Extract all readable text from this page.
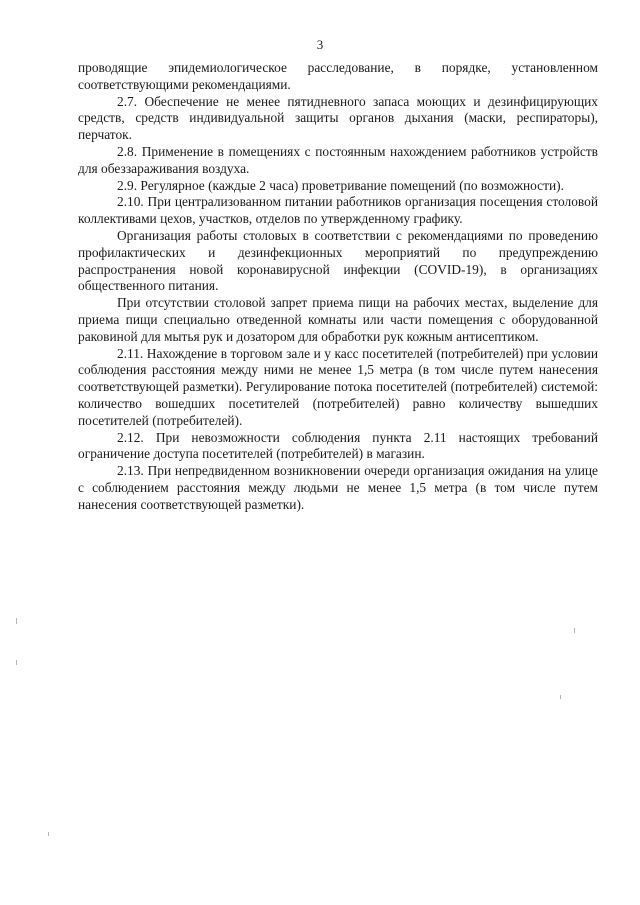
3

проводящие эпидемиологическое расследование, в порядке, установленном соответствующими рекомендациями.

2.7. Обеспечение не менее пятидневного запаса моющих и дезинфицирующих средств, средств индивидуальной защиты органов дыхания (маски, респираторы), перчаток.

2.8. Применение в помещениях с постоянным нахождением работников устройств для обеззараживания воздуха.

2.9. Регулярное (каждые 2 часа) проветривание помещений (по возможности).

2.10. При централизованном питании работников организация посещения столовой коллективами цехов, участков, отделов по утвержденному графику.

Организация работы столовых в соответствии с рекомендациями по проведению профилактических и дезинфекционных мероприятий по предупреждению распространения новой коронавирусной инфекции (COVID-19), в организациях общественного питания.

При отсутствии столовой запрет приема пищи на рабочих местах, выделение для приема пищи специально отведенной комнаты или части помещения с оборудованной раковиной для мытья рук и дозатором для обработки рук кожным антисептиком.

2.11. Нахождение в торговом зале и у касс посетителей (потребителей) при условии соблюдения расстояния между ними не менее 1,5 метра (в том числе путем нанесения соответствующей разметки). Регулирование потока посетителей (потребителей) системой: количество вошедших посетителей (потребителей) равно количеству вышедших посетителей (потребителей).

2.12. При невозможности соблюдения пункта 2.11 настоящих требований ограничение доступа посетителей (потребителей) в магазин.

2.13. При непредвиденном возникновении очереди организация ожидания на улице с соблюдением расстояния между людьми не менее 1,5 метра (в том числе путем нанесения соответствующей разметки).
